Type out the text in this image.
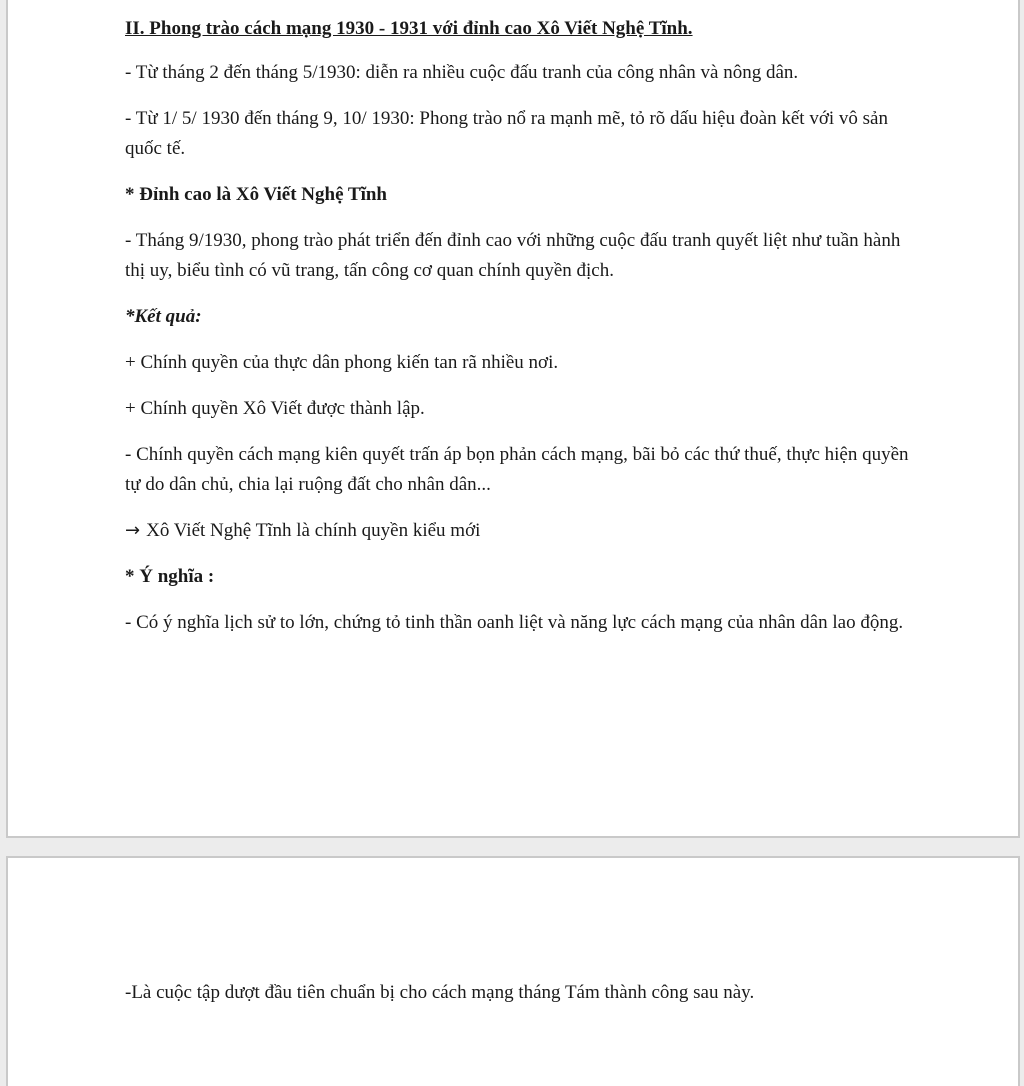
II. Phong trào cách mạng 1930 - 1931 với đỉnh cao Xô Viết Nghệ Tĩnh.

- Từ tháng 2 đến tháng 5/1930: diễn ra nhiều cuộc đấu tranh của công nhân và nông dân.

- Từ 1/ 5/ 1930 đến tháng 9, 10/ 1930: Phong trào nổ ra mạnh mẽ, tỏ rõ dấu hiệu đoàn kết với vô sản quốc tế.

* Đỉnh cao là Xô Viết Nghệ Tĩnh

- Tháng 9/1930, phong trào phát triển đến đỉnh cao với những cuộc đấu tranh quyết liệt như tuần hành thị uy, biểu tình có vũ trang, tấn công cơ quan chính quyền địch.

*Kết quả:

+ Chính quyền của thực dân phong kiến tan rã nhiều nơi.

+ Chính quyền Xô Viết được thành lập.

- Chính quyền cách mạng kiên quyết trấn áp bọn phản cách mạng, bãi bỏ các thứ thuế, thực hiện quyền tự do dân chủ, chia lại ruộng đất cho nhân dân...

→ Xô Viết Nghệ Tĩnh là chính quyền kiểu mới

* Ý nghĩa :

- Có ý nghĩa lịch sử to lớn, chứng tỏ tinh thần oanh liệt và năng lực cách mạng của nhân dân lao động.

-Là cuộc tập dượt đầu tiên chuẩn bị cho cách mạng tháng Tám thành công sau này.
